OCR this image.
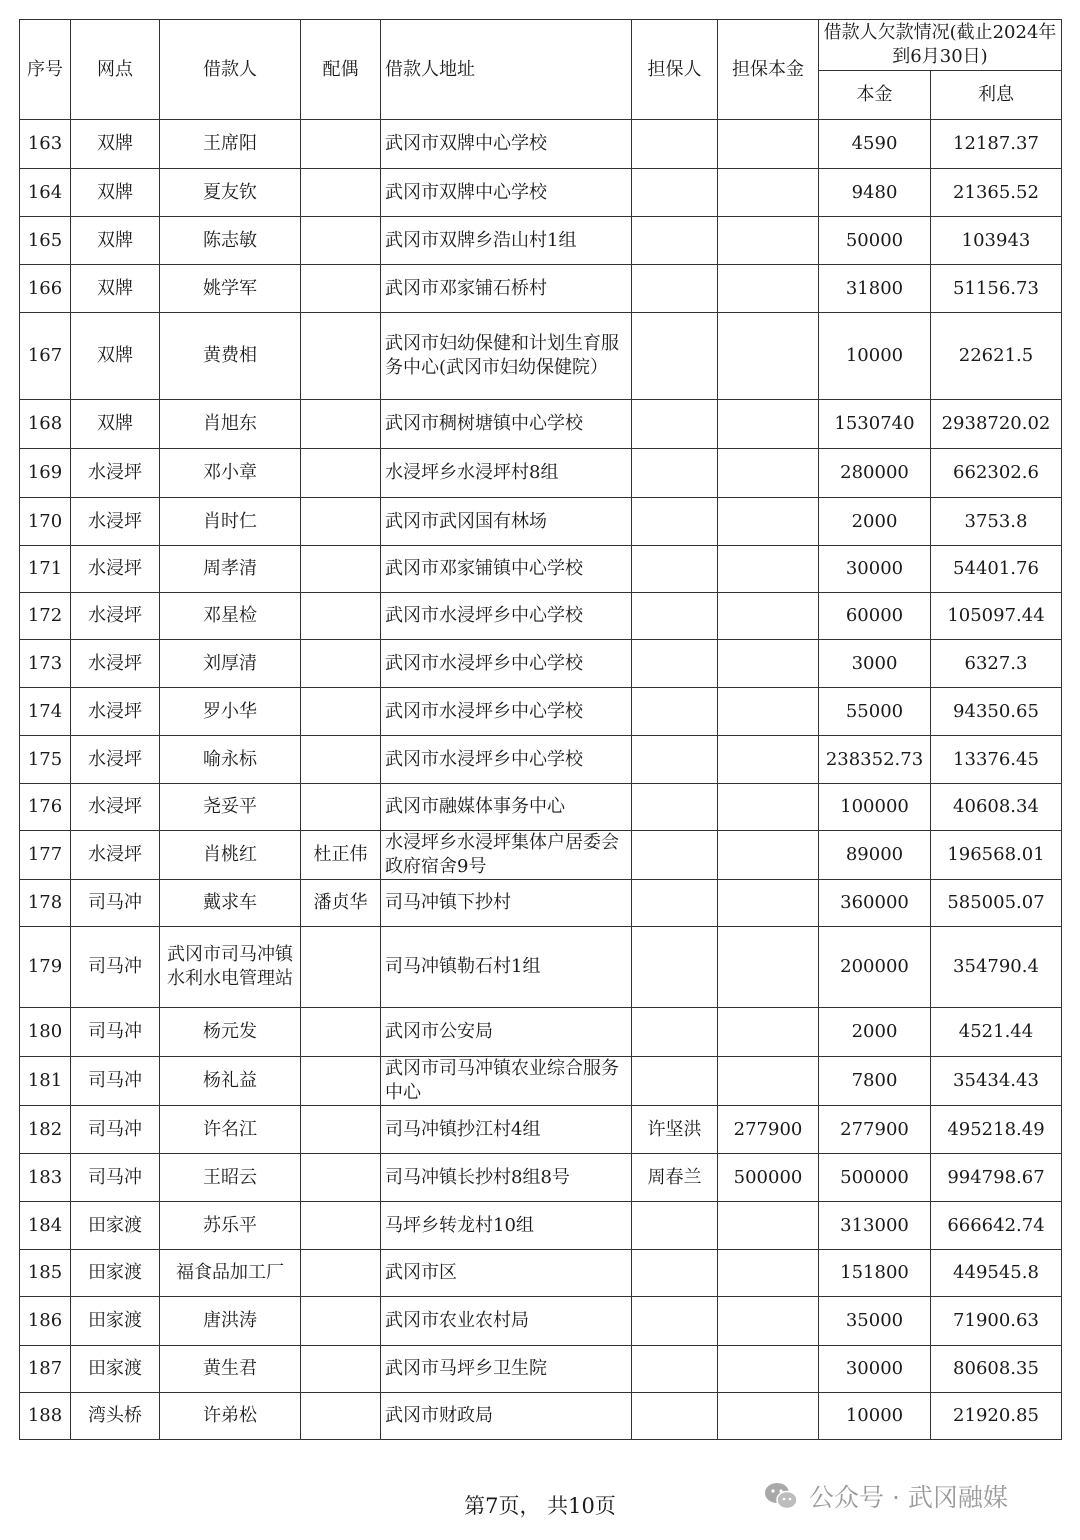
序号	网点	借款人	配偶	借款人地址	担保人	担保本金	借款人欠款情况(截止2024年到6月30日)	
							本金	利息
163	双牌	王席阳		武冈市双牌中心学校			4590	12187.37
164	双牌	夏友钦		武冈市双牌中心学校			9480	21365.52
165	双牌	陈志敏		武冈市双牌乡浩山村1组			50000	103943
166	双牌	姚学军		武冈市邓家铺石桥村			31800	51156.73
167	双牌	黄费相		武冈市妇幼保健和计划生育服务中心(武冈市妇幼保健院）			10000	22621.5
168	双牌	肖旭东		武冈市稠树塘镇中心学校			1530740	2938720.02
169	水浸坪	邓小章		水浸坪乡水浸坪村8组			280000	662302.6
170	水浸坪	肖时仁		武冈市武冈国有林场			2000	3753.8
171	水浸坪	周孝清		武冈市邓家铺镇中心学校			30000	54401.76
172	水浸坪	邓星检		武冈市水浸坪乡中心学校			60000	105097.44
173	水浸坪	刘厚清		武冈市水浸坪乡中心学校			3000	6327.3
174	水浸坪	罗小华		武冈市水浸坪乡中心学校			55000	94350.65
175	水浸坪	喻永标		武冈市水浸坪乡中心学校			238352.73	13376.45
176	水浸坪	尧妥平		武冈市融媒体事务中心			100000	40608.34
177	水浸坪	肖桃红	杜正伟	水浸坪乡水浸坪集体户居委会政府宿舍9号			89000	196568.01
178	司马冲	戴求车	潘贞华	司马冲镇下抄村			360000	585005.07
179	司马冲	武冈市司马冲镇水利水电管理站		司马冲镇勒石村1组			200000	354790.4
180	司马冲	杨元发		武冈市公安局			2000	4521.44
181	司马冲	杨礼益		武冈市司马冲镇农业综合服务中心			7800	35434.43
182	司马冲	许名江		司马冲镇抄江村4组	许坚洪	277900	277900	495218.49
183	司马冲	王昭云		司马冲镇长抄村8组8号	周春兰	500000	500000	994798.67
184	田家渡	苏乐平		马坪乡转龙村10组			313000	666642.74
185	田家渡	福食品加工厂		武冈市区			151800	449545.8
186	田家渡	唐洪涛		武冈市农业农村局			35000	71900.63
187	田家渡	黄生君		武冈市马坪乡卫生院			30000	80608.35
188	湾头桥	许弟松		武冈市财政局			10000	21920.85
第7页， 共10页	公众号 · 武冈融媒
